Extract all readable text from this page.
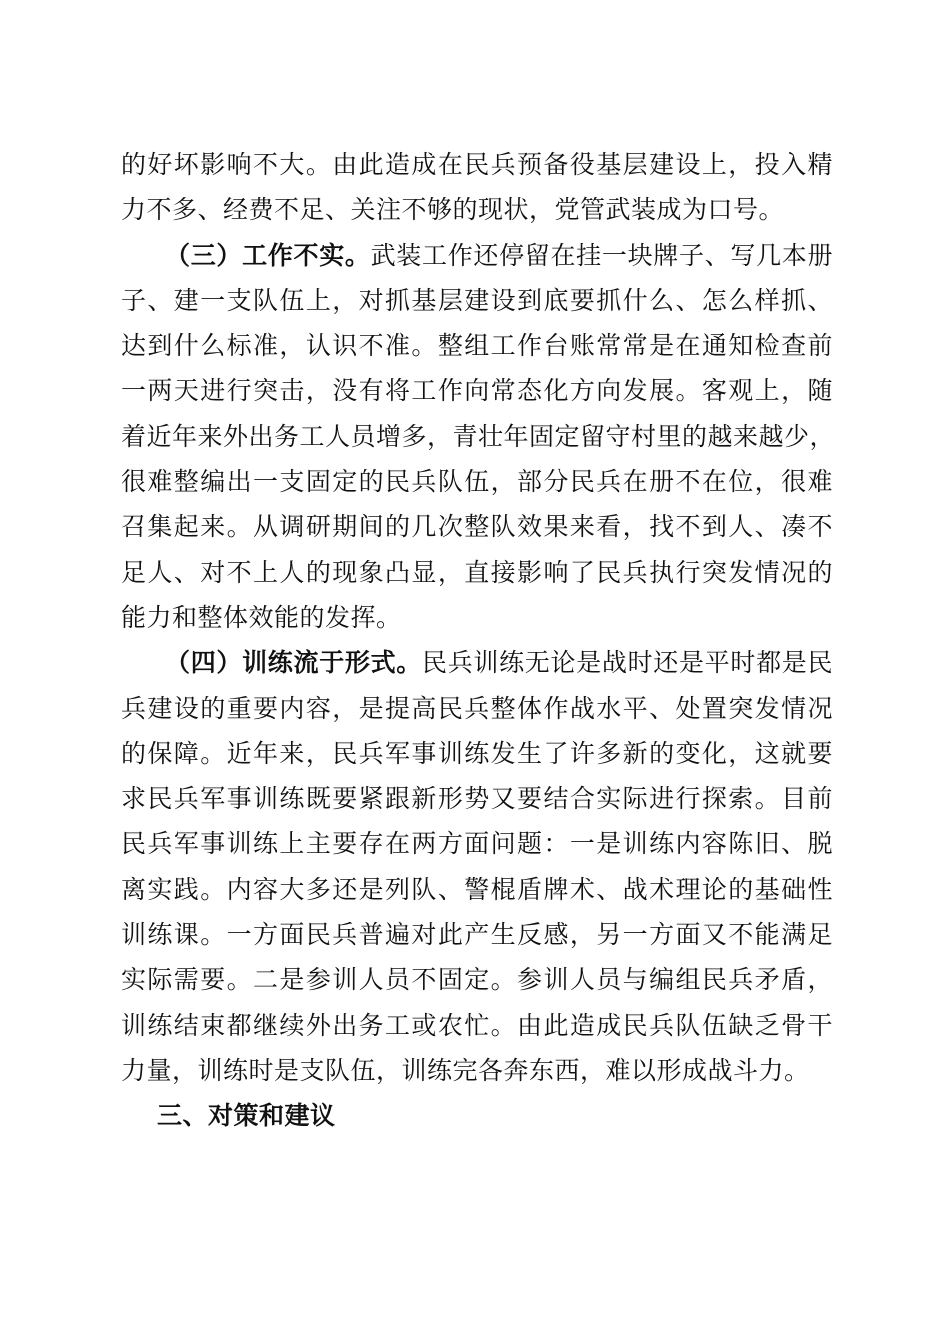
的好坏影响不大。由此造成在民兵预备役基层建设上，投入精
力不多、经费不足、关注不够的现状，党管武装成为口号。
（三）工作不实。武装工作还停留在挂一块牌子、写几本册
子、建一支队伍上，对抓基层建设到底要抓什么、怎么样抓、
达到什么标准，认识不准。整组工作台账常常是在通知检查前
一两天进行突击，没有将工作向常态化方向发展。客观上，随
着近年来外出务工人员增多，青壮年固定留守村里的越来越少，
很难整编出一支固定的民兵队伍，部分民兵在册不在位，很难
召集起来。从调研期间的几次整队效果来看，找不到人、凑不
足人、对不上人的现象凸显，直接影响了民兵执行突发情况的
能力和整体效能的发挥。
（四）训练流于形式。民兵训练无论是战时还是平时都是民
兵建设的重要内容，是提高民兵整体作战水平、处置突发情况
的保障。近年来，民兵军事训练发生了许多新的变化，这就要
求民兵军事训练既要紧跟新形势又要结合实际进行探索。目前
民兵军事训练上主要存在两方面问题：一是训练内容陈旧、脱
离实践。内容大多还是列队、警棍盾牌术、战术理论的基础性
训练课。一方面民兵普遍对此产生反感，另一方面又不能满足
实际需要。二是参训人员不固定。参训人员与编组民兵矛盾，
训练结束都继续外出务工或农忙。由此造成民兵队伍缺乏骨干
力量，训练时是支队伍，训练完各奔东西，难以形成战斗力。
三、对策和建议
